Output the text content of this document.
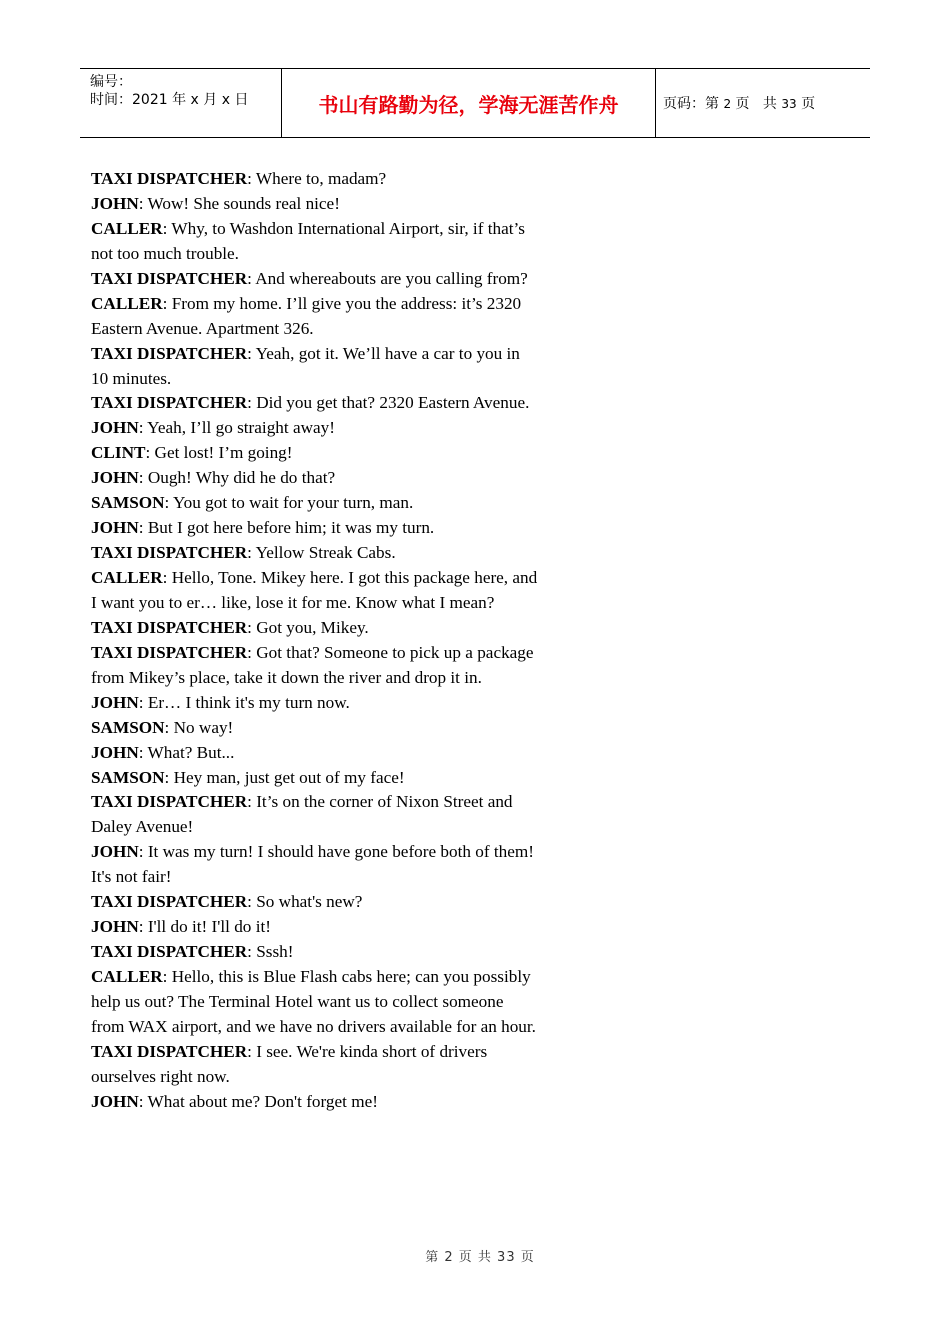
编号：
时间：2021 年 x 月 x 日	书山有路勤为径，学海无涯苦作舟	页码：第 2 页   共 33 页

TAXI DISPATCHER: Where to, madam?

JOHN: Wow! She sounds real nice!

CALLER: Why, to Washdon International Airport, sir, if that’s not too much trouble.

TAXI DISPATCHER: And whereabouts are you calling from?

CALLER: From my home. I’ll give you the address: it’s 2320 Eastern Avenue. Apartment 326.

TAXI DISPATCHER: Yeah, got it. We’ll have a car to you in 10 minutes.

TAXI DISPATCHER: Did you get that? 2320 Eastern Avenue.

JOHN: Yeah, I’ll go straight away!

CLINT: Get lost! I’m going!

JOHN: Ough! Why did he do that?

SAMSON: You got to wait for your turn, man.

JOHN: But I got here before him; it was my turn.

TAXI DISPATCHER: Yellow Streak Cabs.

CALLER: Hello, Tone. Mikey here. I got this package here, and I want you to er… like, lose it for me. Know what I mean?

TAXI DISPATCHER: Got you, Mikey.

TAXI DISPATCHER: Got that? Someone to pick up a package from Mikey’s place, take it down the river and drop it in.

JOHN: Er… I think it's my turn now.

SAMSON: No way!

JOHN: What? But...

SAMSON: Hey man, just get out of my face!

TAXI DISPATCHER: It’s on the corner of Nixon Street and Daley Avenue!

JOHN: It was my turn! I should have gone before both of them! It's not fair!

TAXI DISPATCHER: So what's new?

JOHN: I'll do it! I'll do it!

TAXI DISPATCHER: Sssh!

CALLER: Hello, this is Blue Flash cabs here; can you possibly help us out? The Terminal Hotel want us to collect someone from WAX airport, and we have no drivers available for an hour.

TAXI DISPATCHER: I see. We're kinda short of drivers ourselves right now.

JOHN: What about me? Don't forget me!

第 2 页 共 33 页
